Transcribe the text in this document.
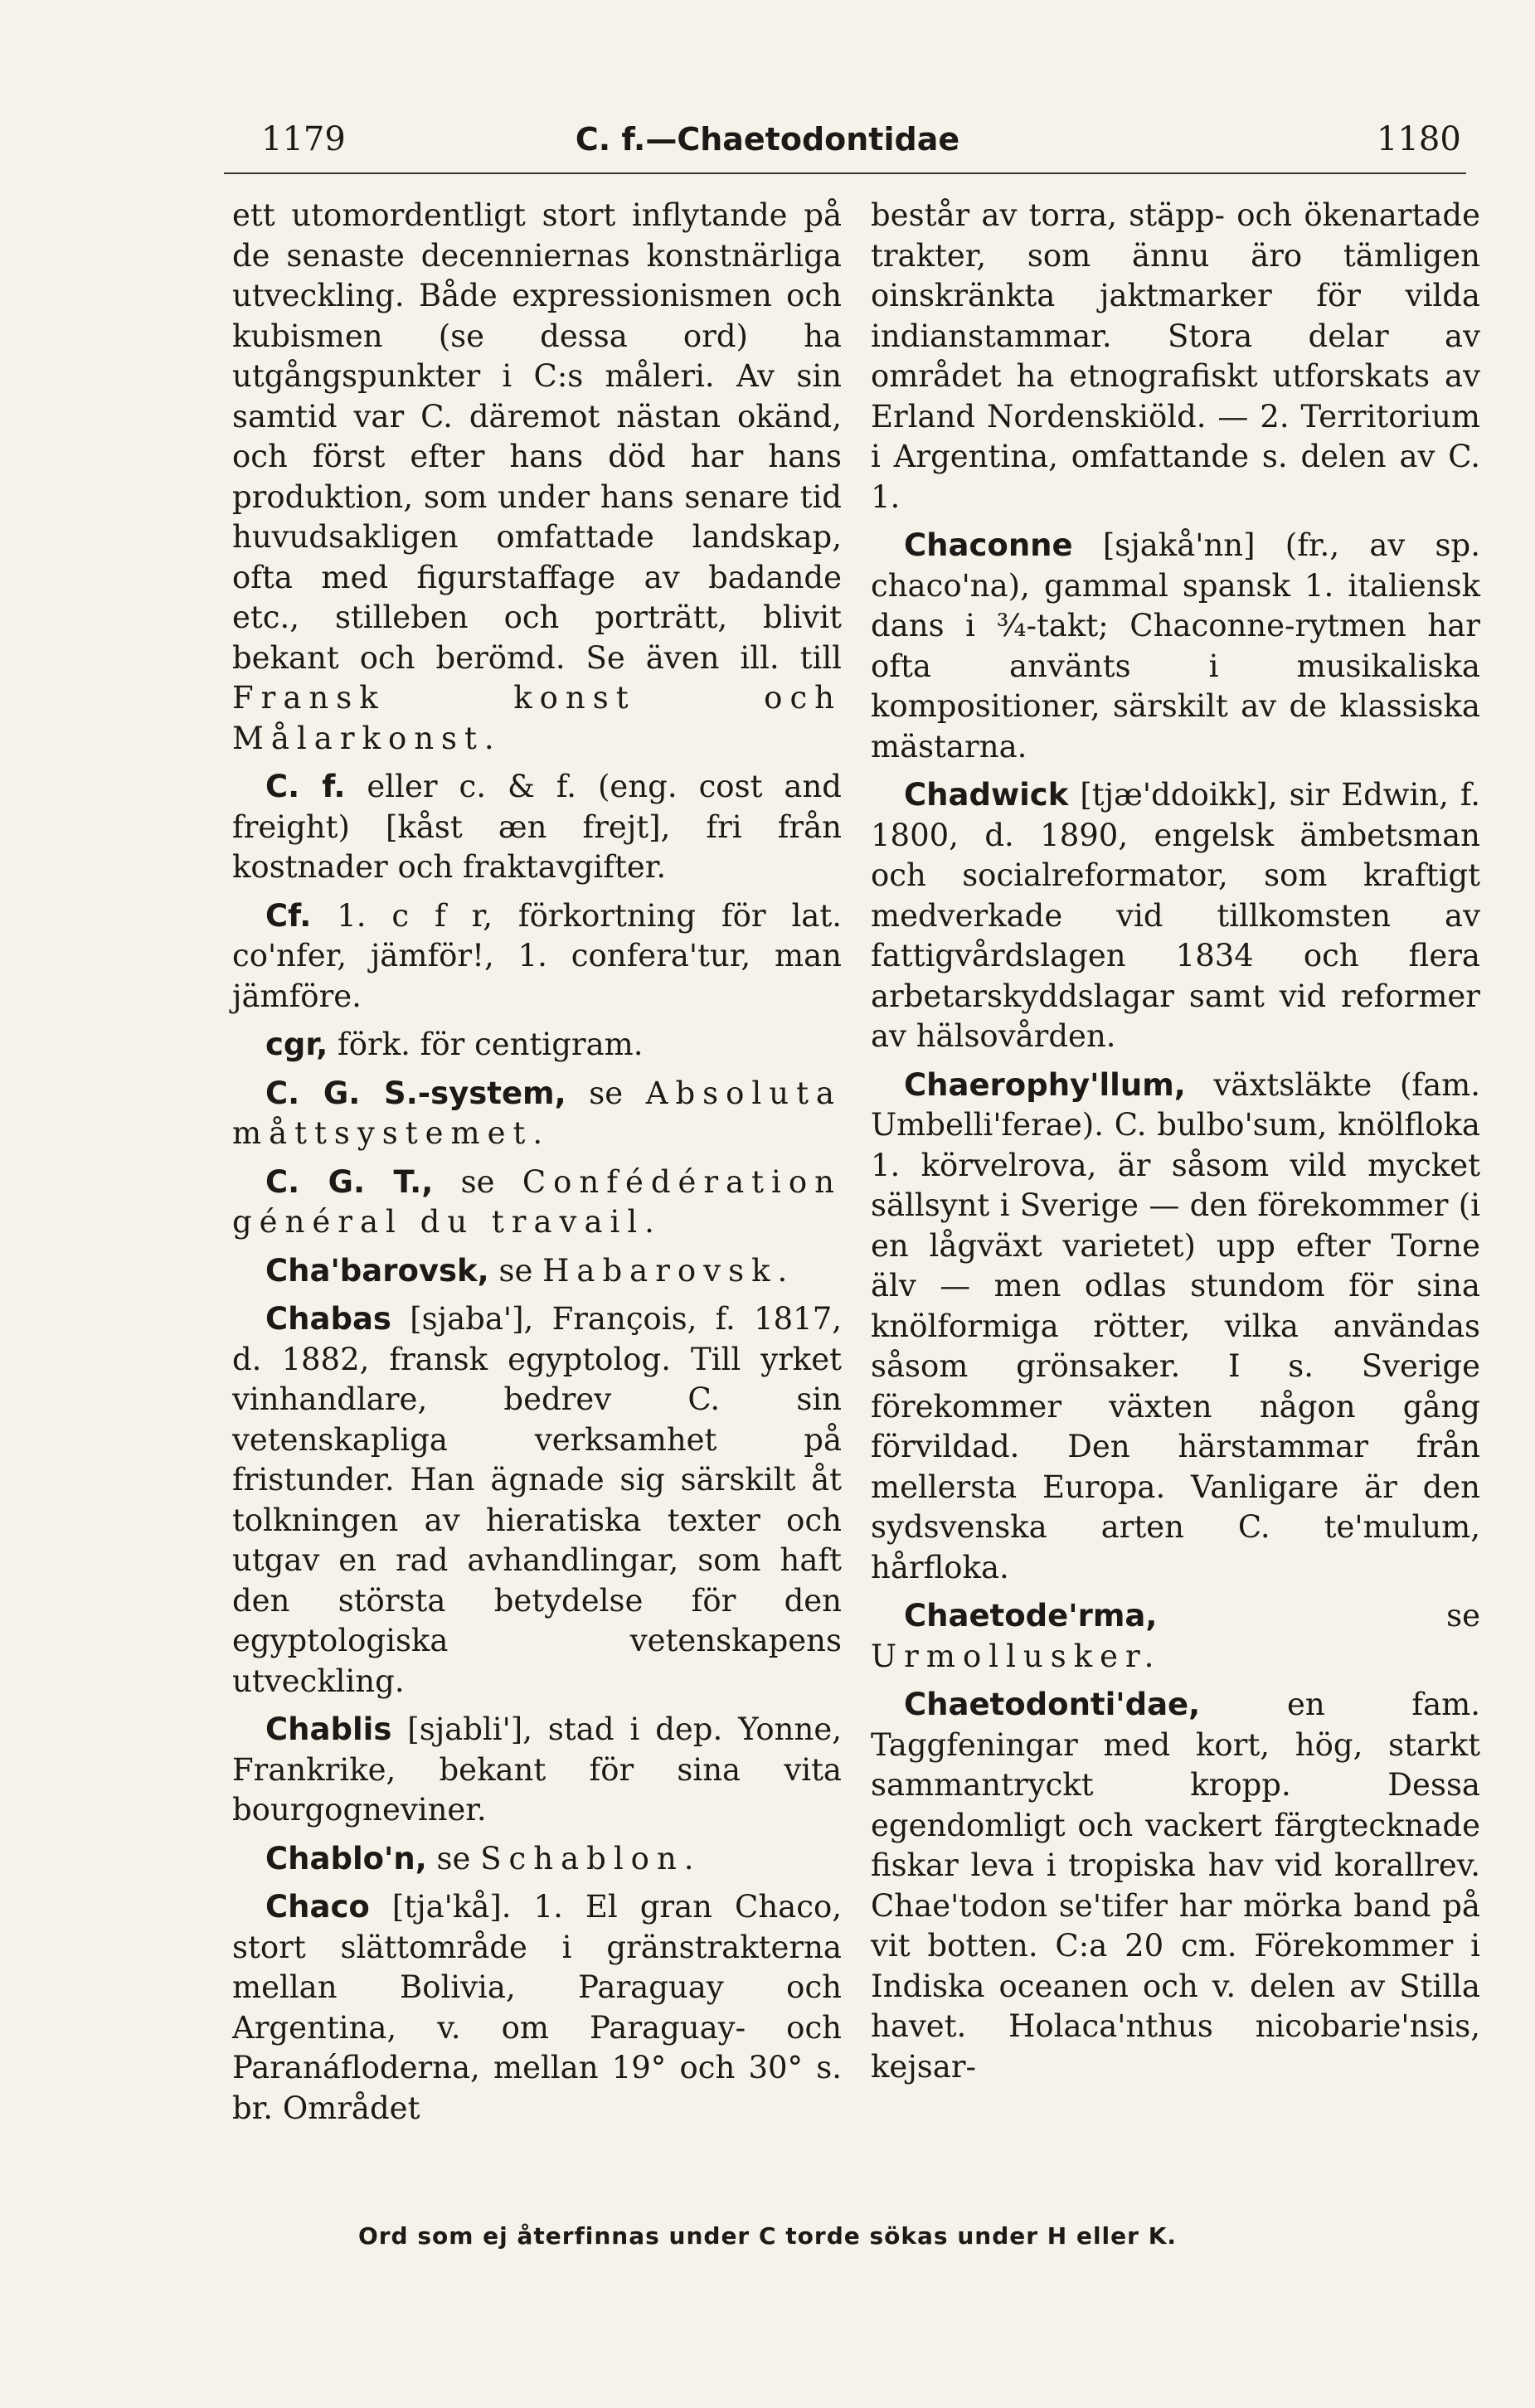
1179	C. f.—Chaetodontidae	1180

ett utomordentligt stort inflytande på de senaste decenniernas konstnärliga utveckling. Både expressionismen och kubismen (se dessa ord) ha utgångspunkter i C:s måleri. Av sin samtid var C. däremot nästan okänd, och först efter hans död har hans produktion, som under hans senare tid huvudsakligen omfattade landskap, ofta med figurstaffage av badande etc., stilleben och porträtt, blivit bekant och berömd. Se även ill. till Fransk konst och Målarkonst.

C. f. eller c. & f. (eng. cost and freight) [kåst æn frejt], fri från kostnader och fraktavgifter.

Cf. 1. c f r, förkortning för lat. co'nfer, jämför!, 1. confera'tur, man jämföre.

cgr, förk. för centigram.

C. G. S.-system, se Absoluta måttsystemet.

C. G. T., se Confédération général du travail.

Cha'barovsk, se Habarovsk.

Chabas [sjaba'], François, f. 1817, d. 1882, fransk egyptolog. Till yrket vinhandlare, bedrev C. sin vetenskapliga verksamhet på fristunder. Han ägnade sig särskilt åt tolkningen av hieratiska texter och utgav en rad avhandlingar, som haft den största betydelse för den egyptologiska vetenskapens utveckling.

Chablis [sjabli'], stad i dep. Yonne, Frankrike, bekant för sina vita bourgogneviner.

Chablo'n, se Schablon.

Chaco [tja'kå]. 1. El gran Chaco, stort slättområde i gränstrakterna mellan Bolivia, Paraguay och Argentina, v. om Paraguay- och Paranáfloderna, mellan 19° och 30° s. br. Området

består av torra, stäpp- och ökenartade trakter, som ännu äro tämligen oinskränkta jaktmarker för vilda indianstammar. Stora delar av området ha etnografiskt utforskats av Erland Nordenskiöld. — 2. Territorium i Argentina, omfattande s. delen av C. 1.

Chaconne [sjakå'nn] (fr., av sp. chaco'na), gammal spansk 1. italiensk dans i ¾-takt; Chaconne-rytmen har ofta använts i musikaliska kompositioner, särskilt av de klassiska mästarna.

Chadwick [tjæ'ddoikk], sir Edwin, f. 1800, d. 1890, engelsk ämbetsman och socialreformator, som kraftigt medverkade vid tillkomsten av fattigvårdslagen 1834 och flera arbetarskyddslagar samt vid reformer av hälsovården.

Chaerophy'llum, växtsläkte (fam. Umbelli'ferae). C. bulbo'sum, knölfloka 1. körvelrova, är såsom vild mycket sällsynt i Sverige — den förekommer (i en lågväxt varietet) upp efter Torne älv — men odlas stundom för sina knölformiga rötter, vilka användas såsom grönsaker. I s. Sverige förekommer växten någon gång förvildad. Den härstammar från mellersta Europa. Vanligare är den sydsvenska arten C. te'mulum, hårfloka.

Chaetode'rma, se Urmollusker.

Chaetodonti'dae, en fam. Taggfeningar med kort, hög, starkt sammantryckt kropp. Dessa egendomligt och vackert färgtecknade fiskar leva i tropiska hav vid korallrev. Chae'todon se'tifer har mörka band på vit botten. C:a 20 cm. Förekommer i Indiska oceanen och v. delen av Stilla havet. Holaca'nthus nicobarie'nsis, kejsar-

Ord som ej återfinnas under C torde sökas under H eller K.
